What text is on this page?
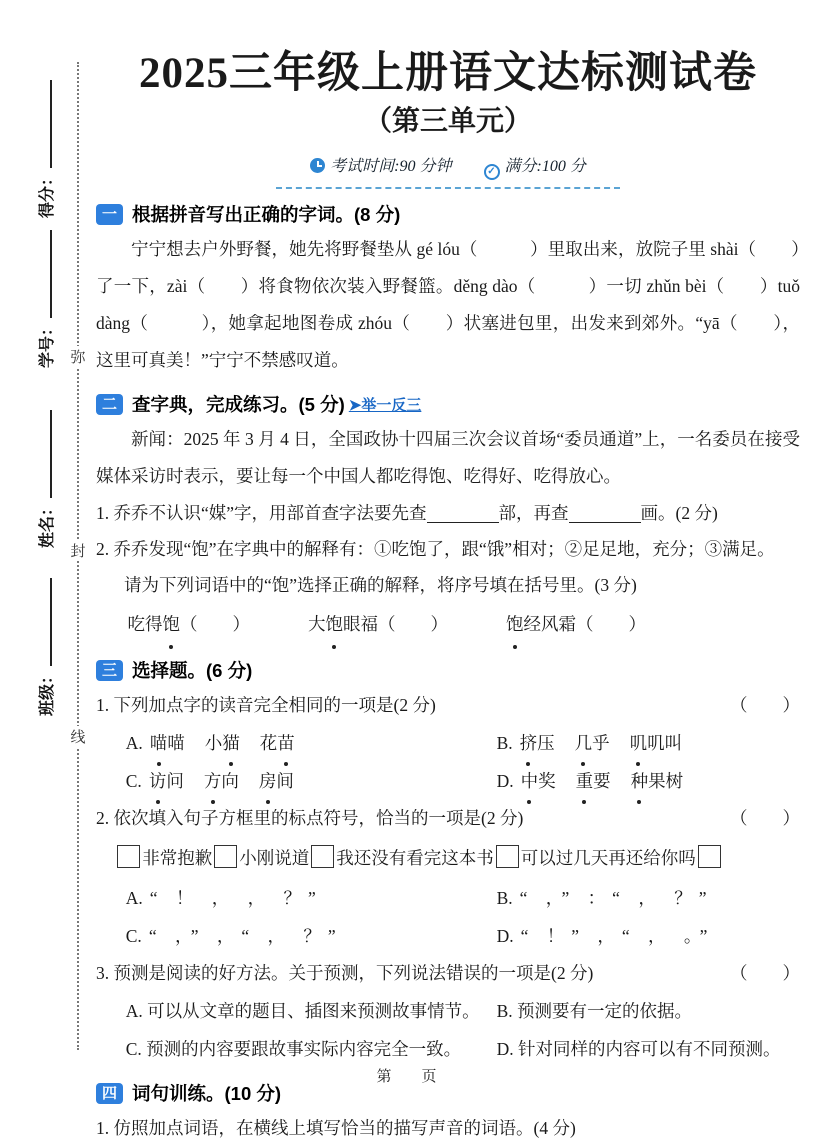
弥
封
线
得分：
学号：
姓名：
班级：
2025三年级上册语文达标测试卷
（第三单元）
考试时间:90 分钟 ✓	满分:100 分
一 根据拼音写出正确的字词。(8 分)
宁宁想去户外野餐，她先将野餐垫从 gé lóu（　　　）里取出来，放院子里 shài（　　）了一下，zài（　　）将食物依次装入野餐篮。děng dào（　　　）一切 zhǔn bèi（　　）tuǒ dàng（　　　），她拿起地图卷成 zhóu（　　）状塞进包里，出发来到郊外。“yā（　　），这里可真美！”宁宁不禁感叹道。
二 查字典，完成练习。(5 分) ➤举一反三
新闻：2025 年 3 月 4 日，全国政协十四届三次会议首场“委员通道”上，一名委员在接受媒体采访时表示，要让每一个中国人都吃得饱、吃得好、吃得放心。
1. 乔乔不认识“媒”字，用部首查字法要先查	部，再查	画。(2 分)
2. 乔乔发现“饱”在字典中的解释有：①吃饱了，跟“饿”相对；②足足地，充分；③满足。
请为下列词语中的“饱”选择正确的解释，将序号填在括号里。(3 分)
吃得饱（　　）	大饱眼福（　　）	饱经风霜（　　）
三 选择题。(6 分)
1. 下列加点字的读音完全相同的一项是(2 分)	（　　）
A. 喵喵 小猫 花苗	B. 挤压 几乎 叽叽叫
C. 访问 方向 房间	D. 中奖 重要 种果树
2. 依次填入句子方框里的标点符号，恰当的一项是(2 分)	（　　）
非常抱歉 小刚说道 我还没有看完这本书 可以过几天再还给你吗
A. “ ！ ， ， ？”	B. “ ，” ：“ ， ？”
C. “ ，” ，“ ， ？”	D. “ ！” ，“ ， 。”
3. 预测是阅读的好方法。关于预测，下列说法错误的一项是(2 分)	（　　）
A. 可以从文章的题目、插图来预测故事情节。 B. 预测要有一定的依据。
C. 预测的内容要跟故事实际内容完全一致。	D. 针对同样的内容可以有不同预测。
四 词句训练。(10 分)
1. 仿照加点词语，在横线上填写恰当的描写声音的词语。(4 分)
第　　页
